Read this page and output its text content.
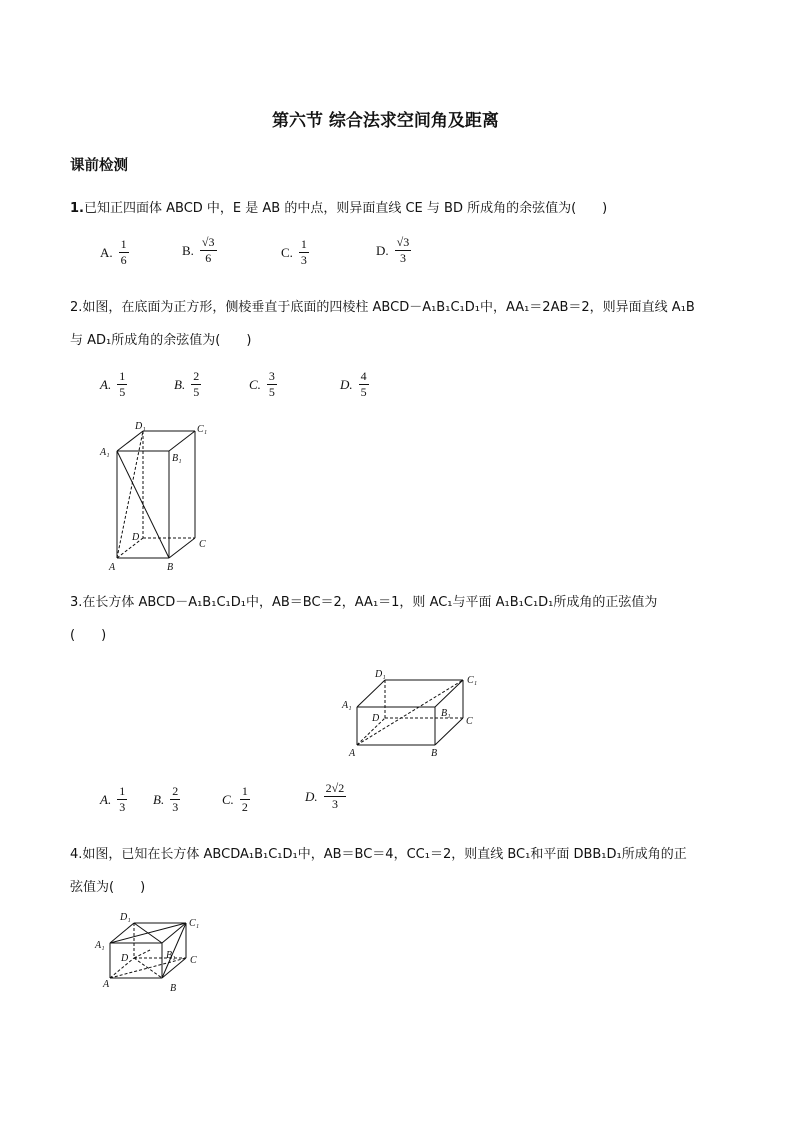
第六节 综合法求空间角及距离
课前检测
1.已知正四面体 ABCD 中，E 是 AB 的中点，则异面直线 CE 与 BD 所成角的余弦值为(　　)
A. $\frac{1}{6}$	B. $\frac{√3}{6}$	C. $\frac{1}{3}$	D. $\frac{√3}{3}$
2.如图，在底面为正方形，侧棱垂直于底面的四棱柱 ABCD－A₁B₁C₁D₁中，AA₁＝2AB＝2，则异面直线 A₁B
与 AD₁所成角的余弦值为(　　)
A. $\frac{1}{5}$	B. $\frac{2}{5}$	C. $\frac{3}{5}$	D. $\frac{4}{5}$
D₁	C₁
A₁
B₁
D
C
A	B
3.在长方体 ABCD－A₁B₁C₁D₁中，AB＝BC＝2，AA₁＝1，则 AC₁与平面 A₁B₁C₁D₁所成角的正弦值为
(　　)
D₁
C₁
A₁
B₁
D	C
A	B
A. $\frac{1}{3} B$. $\frac{2}{3}$	C. $\frac{1}{2}$	D. $\frac{2√2}{3}$
4.如图，已知在长方体 ABCDA₁B₁C₁D₁中，AB＝BC＝4，CC₁＝2，则直线 BC₁和平面 DBB₁D₁所成角的正
弦值为(　　)
D₁
C₁
A₁
B₁
D	C
A	B
